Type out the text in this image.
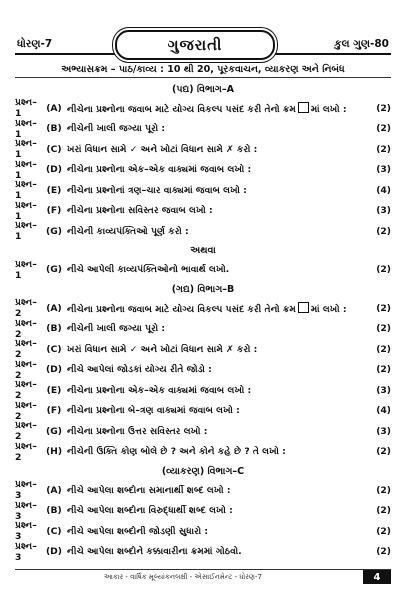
ધોરણ-7	ગુજરાતી	કુલ ગુણ-80
અભ્યાસક્રમ – પાઠ/કાવ્ય : 10 થી 20, પૂરકવાચન, વ્યાકરણ અને નિબંધ
(પદ્ય) વિભાગ–A
પ્રશ્ન–1	(A) નીચેના પ્રશ્નોના જવાબ માટે યોગ્ય વિકલ્પ પસંદ કરી તેનો ક્રમ માં લખો :	(2)
પ્રશ્ન–1	(B) નીચેની ખાલી જગ્યા પૂરો :	(2)
પ્રશ્ન–1	(C) ખરાં વિધાન સામે ✓ અને ખોટાં વિધાન સામે ✗ કરો :	(2)
પ્રશ્ન–1	(D) નીચેના પ્રશ્નોના એક–એક વાક્યમાં જવાબ લખો :	(3)
પ્રશ્ન–1	(E) નીચેના પ્રશ્નોનાં ત્રણ–ચાર વાક્યમાં જવાબ લખો :	(4)
પ્રશ્ન–1	(F) નીચેના પ્રશ્નોના સવિસ્તર જવાબ લખો :	(3)
પ્રશ્ન–1	(G) નીચેની કાવ્યપંક્તિઓ પૂર્ણ કરો :	(2)
અથવા
પ્રશ્ન–1	(G) નીચે આપેલી કાવ્યપંક્તિઓનો ભાવાર્થ લખો.	(2)
(ગદ્ય) વિભાગ–B
પ્રશ્ન–2	(A) નીચેના પ્રશ્નોના જવાબ માટે યોગ્ય વિકલ્પ પસંદ કરી તેનો ક્રમ માં લખો :	(2)
પ્રશ્ન–2	(B) નીચેની ખાલી જગ્યા પૂરો :	(2)
પ્રશ્ન–2	(C) ખરાં વિધાન સામે ✓ અને ખોટાં વિધાન સામે ✗ કરો :	(2)
પ્રશ્ન–2	(D) નીચે આપેલાં જોડકાં યોગ્ય રીતે જોડો :	(2)
પ્રશ્ન–2	(E) નીચેના પ્રશ્નોના એક–એક વાક્યમાં જવાબ લખો :	(3)
પ્રશ્ન–2	(F) નીચેના પ્રશ્નોના બે–ત્રણ વાક્યમાં જવાબ લખો :	(4)
પ્રશ્ન–2	(G) નીચેના પ્રશ્નોના ઉત્તર સવિસ્તર લખો :	(3)
પ્રશ્ન–2	(H) નીચેની ઉક્તિ કોણ બોલે છે ? અને કોને કહે છે ? તે લખો :	(2)
(વ્યાકરણ) વિભાગ–C
પ્રશ્ન–3	(A) નીચે આપેલા શબ્દોના સમાનાર્થી શબ્દ લખો :	(2)
પ્રશ્ન–3	(B) નીચે આપેલા શબ્દોના વિરુદ્ધાર્થી શબ્દ લખો :	(2)
પ્રશ્ન–3	(C) નીચે આપેલા શબ્દોની જોડણી સુધારો :	(2)
પ્રશ્ન–3	(D) નીચે આપેલા શબ્દોને કક્કાવારીના ક્રમમાં ગોઠવો.	(2)
આકાર - વાર્ષિક મૂલ્યાંકનલક્ષી - એસાઈનમેન્ટ - ધોરણ-7	4
